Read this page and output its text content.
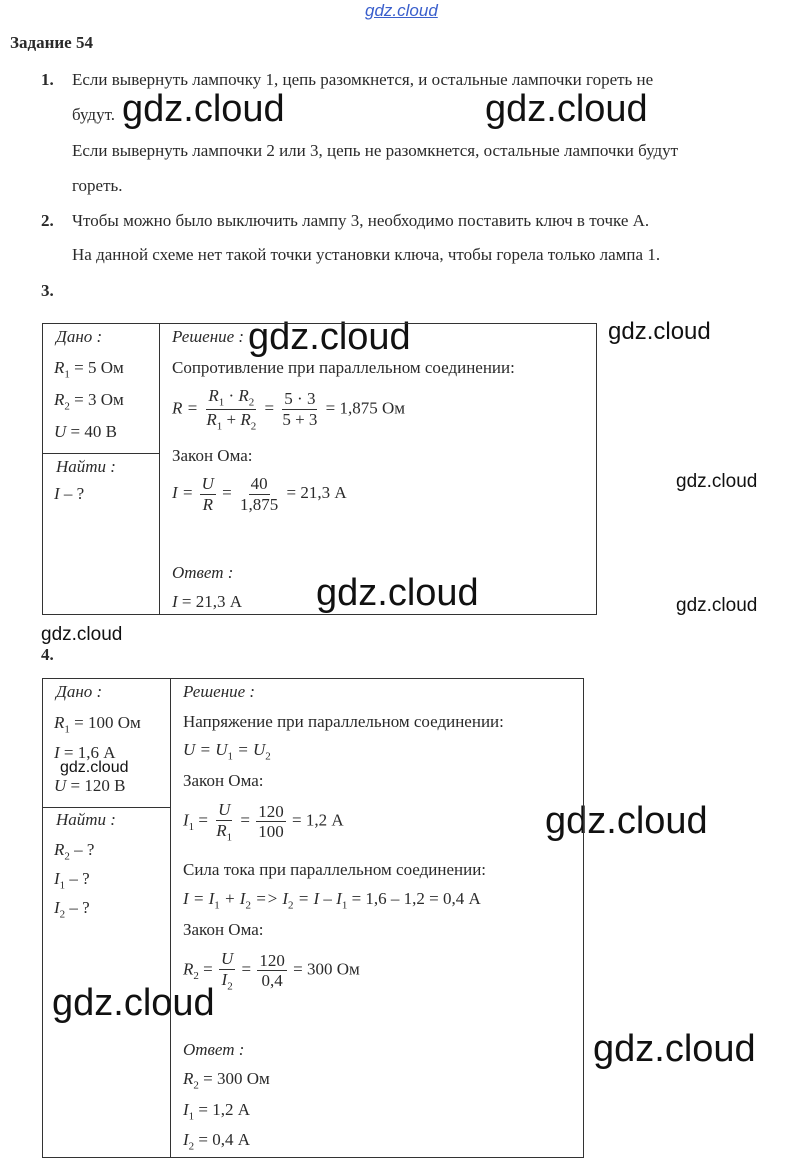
gdz.cloud
gdz.cloud	gdz.cloud
gdz.cloud	gdz.cloud
gdz.cloud
gdz.cloud	gdz.cloud
gdz.cloud
gdz.cloud
gdz.cloud
gdz.cloud
gdz.cloud
Задание 54
1. Если вывернуть лампочку 1, цепь разомкнется, и остальные лампочки гореть не
будут.
Если вывернуть лампочки 2 или 3, цепь не разомкнется, остальные лампочки будут
гореть.
2. Чтобы можно было выключить лампу 3, необходимо поставить ключ в точке А.
На данной схеме нет такой точки установки ключа, чтобы горела только лампа 1.
3.
Дано :
$R_1 = 5$ Ом
$R_2 = 3$ Ом
U = 40 В
Найти :
I – ?
Решение :
Сопротивление при параллельном соединении:
$R = \frac{R_1 \cdot R_2}{R_1 + R_2} = \frac{5 \cdot 3}{5 + 3} = 1,875$ Ом
Закон Ома:
$I = \frac{U}{R} = \frac{40}{1,875} = 21,3$ А
Ответ :
I = 21,3 А
4.
Дано :
$R_1 = 100$ Ом
I = 1,6 А
U = 120 В
Найти :
$R_2$ – ?
$I_1$ – ?
$I_2$ – ?
Решение :
Напряжение при параллельном соединении:
$U = U_1 = U_2$
Закон Ома:
$I_1 = \frac{U}{R_1} = \frac{120}{100} = 1,2$ А
Сила тока при параллельном соединении:
$I = I_1 + I_2 => I_2 = I - I_1 = 1,6 - 1,2 = 0,4$ А
Закон Ома:
$R_2 = \frac{U}{I_2} = \frac{120}{0,4} = 300$ Ом
Ответ :
$R_2 = 300$ Ом
$I_1 = 1,2$ А
$I_2 = 0,4$ А
